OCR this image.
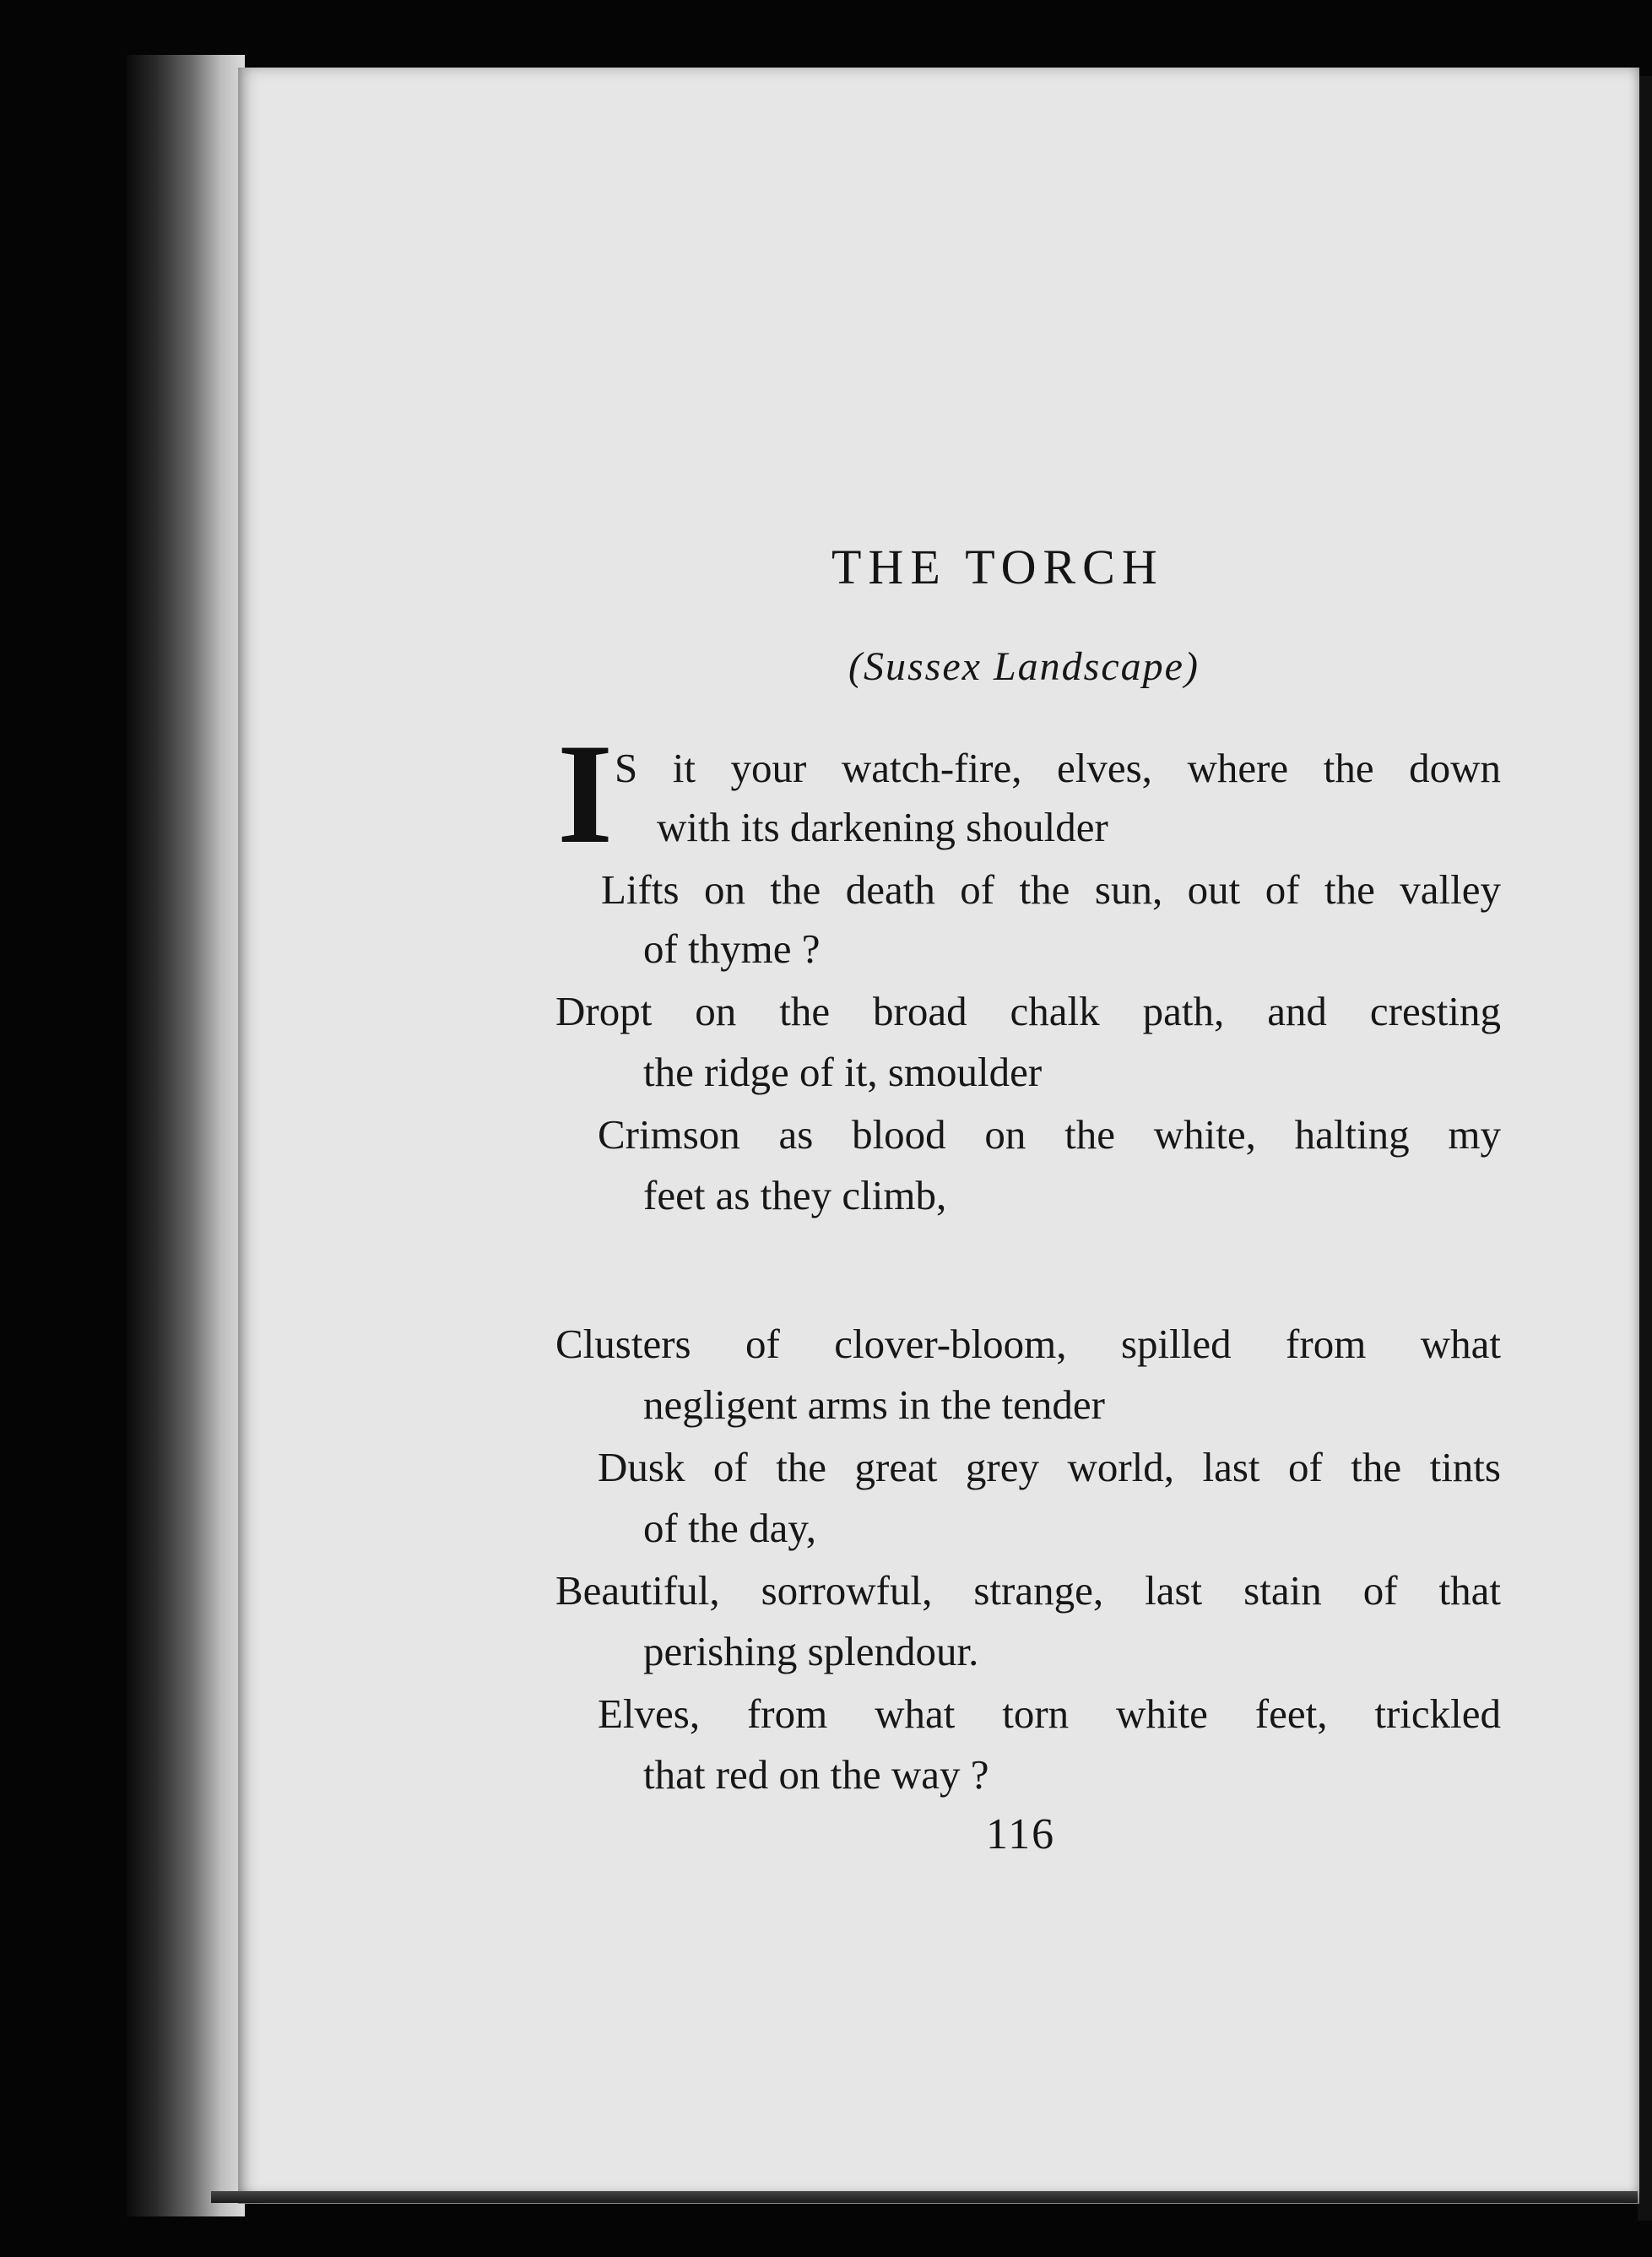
THE TORCH
(Sussex Landscape)
I S it your watch-fire, elves, where the down
with its darkening shoulder
Lifts on the death of the sun, out of the valley
of thyme ?
Dropt on the broad chalk path, and cresting
the ridge of it, smoulder
Crimson as blood on the white, halting my
feet as they climb,
Clusters of clover-bloom, spilled from what
negligent arms in the tender
Dusk of the great grey world, last of the tints
of the day,
Beautiful, sorrowful, strange, last stain of that
perishing splendour.
Elves, from what torn white feet, trickled
that red on the way ?
116
